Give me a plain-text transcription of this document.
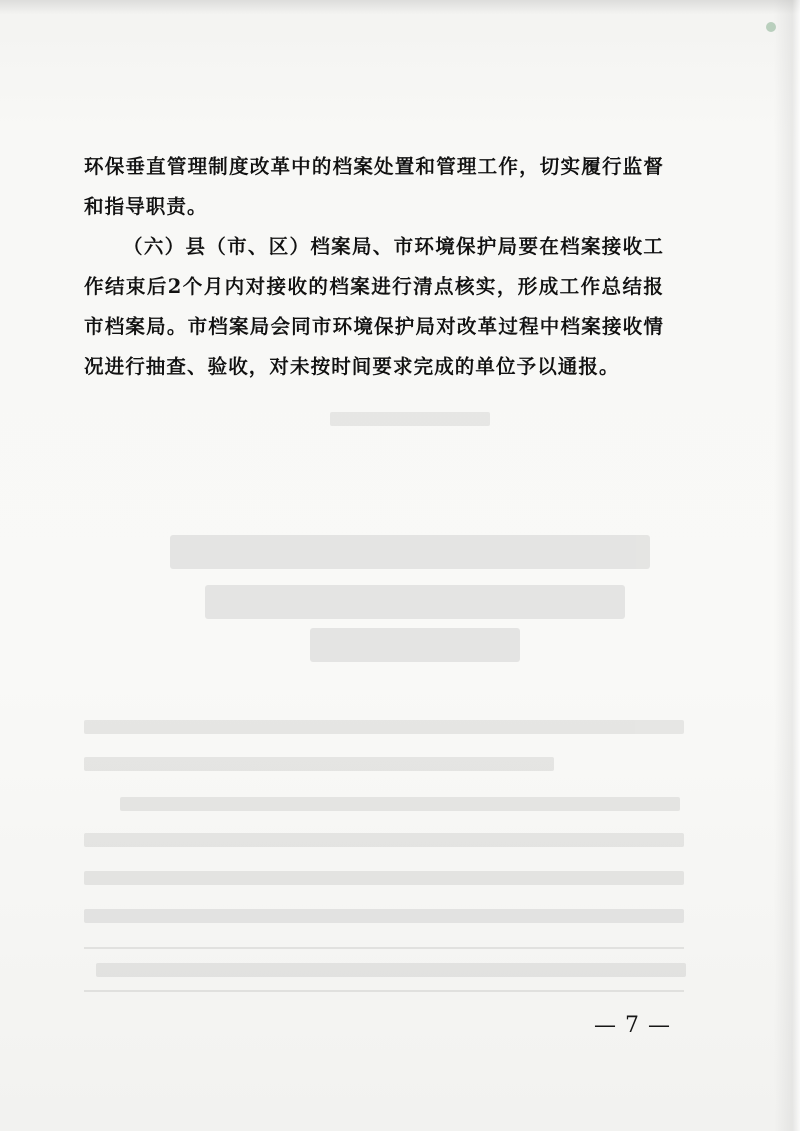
环保垂直管理制度改革中的档案处置和管理工作，切实履行监督和指导职责。

（六）县（市、区）档案局、市环境保护局要在档案接收工作结束后2个月内对接收的档案进行清点核实，形成工作总结报市档案局。市档案局会同市环境保护局对改革过程中档案接收情况进行抽查、验收，对未按时间要求完成的单位予以通报。

— 7 —
